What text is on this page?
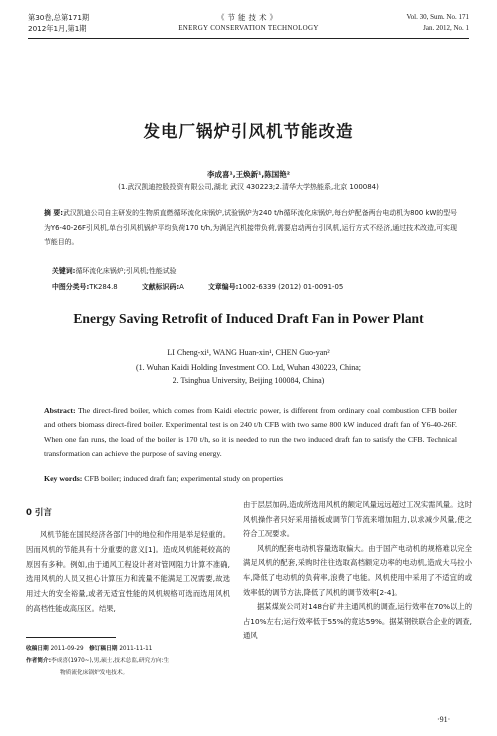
第30卷,总第171期
2012年1月,第1期
《节能技术》
ENERGY CONSERVATION TECHNOLOGY
Vol. 30, Sum. No. 171
Jan. 2012, No. 1
发电厂锅炉引风机节能改造
李成喜¹,王焕新¹,陈国艳²
(1.武汉凯迪控股投资有限公司,湖北 武汉 430223;2.清华大学热能系,北京 100084)
摘 要:武汉凯迪公司自主研发的生物质直燃循环流化床锅炉,试验锅炉为240 t/h循环流化床锅炉,每台炉配备两台电动机为800 kW的型号为Y6-40-26F引风机,单台引风机锅炉平均负荷170 t/h,为满足汽机接带负荷,需要启动两台引风机,运行方式不经济,通过技术改造,可实现节能目的。
关键词:循环流化床锅炉;引风机;性能试验
中图分类号:TK284.8	文献标识码:A	文章编号:1002-6339 (2012) 01-0091-05
Energy Saving Retrofit of Induced Draft Fan in Power Plant
LI Cheng-xi¹, WANG Huan-xin¹, CHEN Guo-yan²
(1. Wuhan Kaidi Holding Investment CO. Ltd, Wuhan 430223, China;
2. Tsinghua University, Beijing 100084, China)
Abstract: The direct-fired boiler, which comes from Kaidi electric power, is different from ordinary coal combustion CFB boiler and others biomass direct-fired boiler. Experimental test is on 240 t/h CFB with two same 800 kW induced draft fan of Y6-40-26F. When one fan runs, the load of the boiler is 170 t/h, so it is needed to run the two induced draft fan to satisfy the CFB. Technical transformation can achieve the purpose of saving energy.
Key words: CFB boiler; induced draft fan; experimental study on properties
0 引言
风机节能在国民经济各部门中的地位和作用是举足轻重的。因而风机的节能具有十分重要的意义[1]。造成风机能耗较高的原因有多种。例如,由于通风工程设计者对管网阻力计算不准确,选用风机的人员又担心计算压力和流量不能满足工况需要,故选用过大的安全裕量,或者无适宜性能的风机规格可选而选用风机的高档性能或高压区。结果,
收稿日期 2011-09-29 修订稿日期 2011-11-11
作者简介:李成喜(1970~),男,硕士,技术总监,研究方向:生
物质流化床锅炉发电技术。

由于层层加码,造成所选用风机的额定风量远远超过工况实需风量。这时风机操作者只好采用插板或调节门节流来增加阻力,以求减少风量,使之符合工况要求。

风机的配套电动机容量选取偏大。由于国产电动机的规格难以完全满足风机的配套,采购时往往选取高档额定功率的电动机,造成大马拉小车,降低了电动机的负荷率,浪费了电能。风机使用中采用了不适宜的或效率低的调节方法,降低了风机的调节效率[2-4]。

据某煤炭公司对148台矿井主通风机的调查,运行效率在70%以上的占10%左右;运行效率低于55%的竟达59%。据某钢铁联合企业的调查,通风

·91·
